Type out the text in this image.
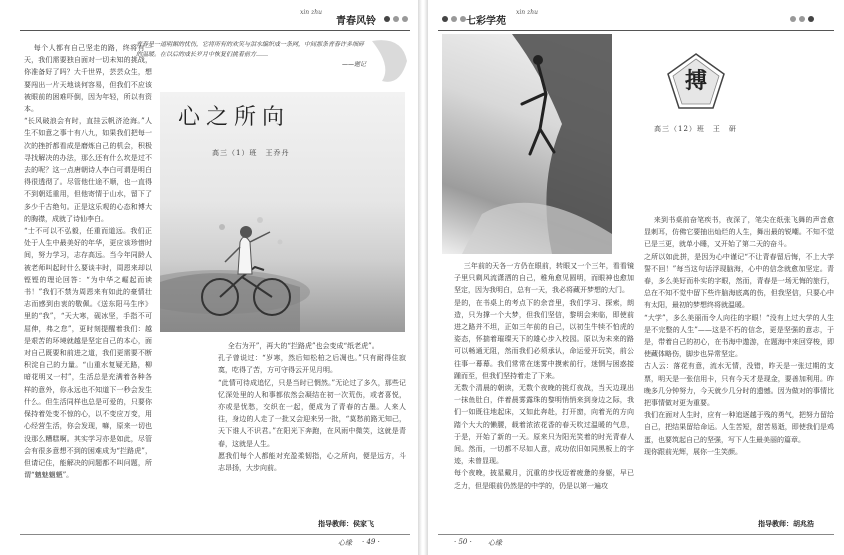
xin zhu
青春风铃
青春是一道明媚的忧伤，它将所有的欢笑与泪水编织成一条网，中间那条青春许多细碎的温暖。在以后的成长岁月中恢复们挑着前方……
——题记
心之所向
高三（1）班　王乔丹
每个人都有自己坚走的路，终将有一天，我们需要独自面对一切未知的挑战，你准备好了吗？大千世界，芸芸众生，想要闯出一片天地谈何容易，但我们不应该被眼前的困难吓倒，因为年轻，所以有资本。
“长风破浪会有时，直挂云帆济沧海。”人生不如意之事十有八九，如果我们把每一次的挫折都看成是磨炼自己的机会，积极寻找解决的办法，那么还有什么坎是过不去的呢？这一点唐朝诗人李白可谓是明白得很透彻了。尽管他仕途不顺，也一直得不到朝廷重用，但他寄情于山水，留下了多少千古绝句。正是这乐观的心态和博大的胸襟，成就了诗仙李白。
“士不可以不弘毅，任重而道远。我们正处于人生中最美好的年华，更应该珍惜时间，努力学习，志存高远。当今年同龄人被老师叫起时什么要谈丰时，周恩来却以铿铿的理论回答：“为中华之崛起而读书！”我们不禁为周恩来有如此的豪情壮志而感到由衷的敬佩。《送东阳马生序》里的“我”，“天大寒，砚冰坚，手指不可屈伸，弗之怠”，更时刻提醒着我们：越是艰苦的环境就越是坚定自己的本心，面对自己既要和前进之道，我们更需要不断积淀自己的力量。“山重水复疑无路，柳暗花明又一村”，生活总是充满着各种各样的意外，你永远也不知道下一秒会发生什么。但生活同样也总是可爱的，只要你保持着处变不惊的心，以不变应万变，用心经营生活，你会发现，嘛，原来一切也没那么糟糕啊。其实学习亦是如此，尽管会有很多意想不到的困难成为“拦路虎”，但请记住，能解决的问题都不叫问题，所谓“魑魅魍魉”。
全右为开”，再大的“拦路虎”也会变成“纸老虎”。
孔子曾说过：“岁寒，然后知松柏之后凋也。”只有耐得住寂寞，吃得了苦，方可守得云开见月明。
“此情可待成追忆，只是当时已惘然。”无论过了多久，那些记忆深处里的人和事都依然会凝结在初一次荒伤，或者喜悦，亦或是忧愁，交织在一起，便成为了青春的古墨。人来人往，身边的人走了一批又会迎来另一批，“莫愁前路无知己，天下谁人不识君。”在阳光下奔跑，在风雨中微笑，这就是青春，这就是人生。
愿我们每个人都能对充盈柔韧指，心之所向，便是远方，斗志昂扬，大步向前。
指导教师：侯家飞
心缘 · 49 ·
七彩学苑
xin zhu
搏
高三（12）班　王　研
三年前的天各一方仍在眼前，转眼又一个三年，看看镜子里只剩风流潇洒的自己，稚角愈见圆明，而眼神也愈加坚定，因为我明白，总有一天，我必将藏开梦想的大门。
是的，在书桌上的考点下的余音里，我们学习、探索，朗造，只为撑一个大梦，但我们坚信，黎明会来临，即使前进之路并不坦，正如三年前的自己，以初生牛犊不怕虎的姿态，怀揣着璀璨天下的雄心步入校园。原以为未来的路可以畅通无阻，然而我们必须承认，命运爱开玩笑，前公往事一幕幕。我们常常在迷雾中摸索前行，迷惘与困惑接踵而至，但我们坚持着走了下来。
无数个清晨的朝读，无数个夜晚的挑灯夜战，当天边现出一抹鱼肚白，伴着晨雾露珠的黎明悄悄来到身边之际，我们一如既往地起床，又如此奔赴，打开窗，向着光的方向踏个大大的懒腰，载着浓浓花香的春天吹过温暖的气息，于是，开始了新的一天。原来只为阳光笑着的时光青春人间。然而，一切都不尽如人意，成功依旧如同黑板上的字迹，未曾显现。
每个夜晚，披星戴月，沉重的步伐迈着疲惫的身躯，早已乏力，但是眼前仍然是的中学的，仍是以第一遍攻
来到书桌前奋笔疾书，夜深了，笔尖在纸张飞舞的声音愈显刺耳，仿佛它要抽出灿烂的人生，舞出最的锐嘲。不知不觉已是三更，就单小睡，又开始了第二天的奋斗。
之所以如此拼，是因为心中谨记“不让青春留后悔，不上大学誓不回！”每当这句话浮现脑海，心中的信念就愈加坚定。青春，多么美好而朴实的字眼，然而，青春是一场无悔的旅行，总在不知不觉中留下些许脑海底离的伤，但我坚信，只要心中有太阳，最初的梦想终将就温暖。
“大学”，多么美丽而令人向往的字眼！“没有上过大学的人生是不完整的人生”——这是不朽的信念，更是坚强的意志，于是，带着自己的初心，在书海中遨游，在题海中来回穿梭，即使藏体略伤，脚步也异常坚定。
古人云：落花有意，流水无情，没错，昨天是一张过期的支票，明天是一张信用卡，只有今天才是现金，要善加利用。昨晚多几分钟努力，今天就少几分时的遗憾。因为做对的事情比把事情做对更为重要。
我们在面对人生时，应有一种追逐越于残的勇气，把努力留给自己，把结果留给命运。人生苦短，甜苦易逝，即使我们是鸡蛋，也要筑起自己的坚强，写下人生最美丽的篇章。
现你跟前光辉，展你一生笑颜。
指导教师：胡兆浩
· 50 · 心缘
